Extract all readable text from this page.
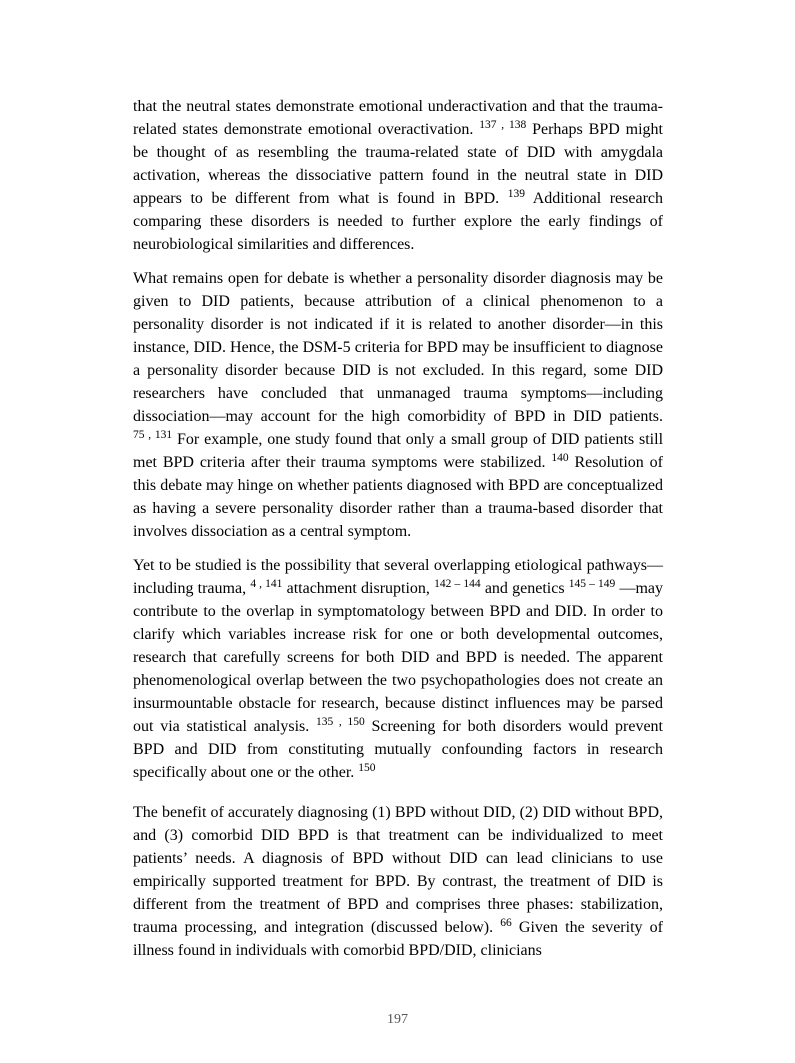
that the neutral states demonstrate emotional underactivation and that the trauma-related states demonstrate emotional overactivation. $^{137 , 138}$ Perhaps BPD might be thought of as resembling the trauma-related state of DID with amygdala activation, whereas the dissociative pattern found in the neutral state in DID appears to be different from what is found in BPD. $^{139}$ Additional research comparing these disorders is needed to further explore the early findings of neurobiological similarities and differences.

What remains open for debate is whether a personality disorder diagnosis may be given to DID patients, because attribution of a clinical phenomenon to a personality disorder is not indicated if it is related to another disorder—in this instance, DID. Hence, the DSM-5 criteria for BPD may be insufficient to diagnose a personality disorder because DID is not excluded. In this regard, some DID researchers have concluded that unmanaged trauma symptoms—including dissociation—may account for the high comorbidity of BPD in DID patients. $^{75 , 131}$ For example, one study found that only a small group of DID patients still met BPD criteria after their trauma symptoms were stabilized. $^{140}$ Resolution of this debate may hinge on whether patients diagnosed with BPD are conceptualized as having a severe personality disorder rather than a trauma-based disorder that involves dissociation as a central symptom.

Yet to be studied is the possibility that several overlapping etiological pathways—including trauma, $^{4 , 141}$ attachment disruption, $^{142 - 144}$ and genetics $^{145 - 149}$ —may contribute to the overlap in symptomatology between BPD and DID. In order to clarify which variables increase risk for one or both developmental outcomes, research that carefully screens for both DID and BPD is needed. The apparent phenomenological overlap between the two psychopathologies does not create an insurmountable obstacle for research, because distinct influences may be parsed out via statistical analysis. $^{135 , 150}$ Screening for both disorders would prevent BPD and DID from constituting mutually confounding factors in research specifically about one or the other. $^{150}$

The benefit of accurately diagnosing (1) BPD without DID, (2) DID without BPD, and (3) comorbid DID BPD is that treatment can be individualized to meet patients’ needs. A diagnosis of BPD without DID can lead clinicians to use empirically supported treatment for BPD. By contrast, the treatment of DID is different from the treatment of BPD and comprises three phases: stabilization, trauma processing, and integration (discussed below). $^{66}$ Given the severity of illness found in individuals with comorbid BPD/DID, clinicians

197
